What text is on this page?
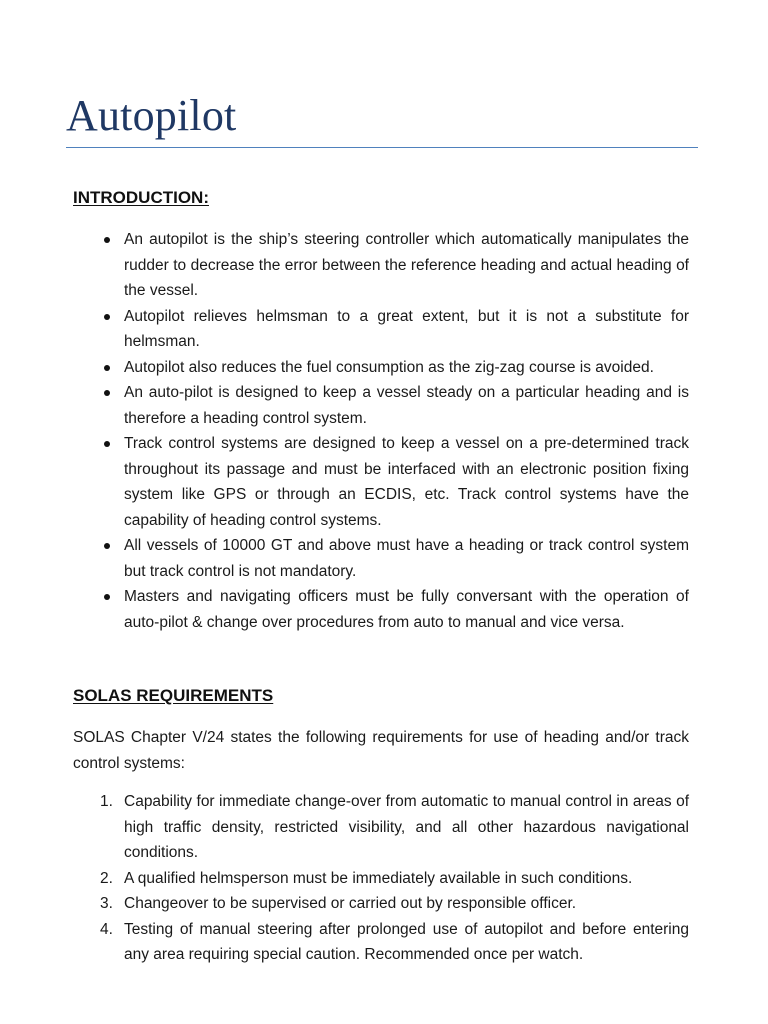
Autopilot
INTRODUCTION:
An autopilot is the ship’s steering controller which automatically manipulates the rudder to decrease the error between the reference heading and actual heading of the vessel.
Autopilot relieves helmsman to a great extent, but it is not a substitute for helmsman.
Autopilot also reduces the fuel consumption as the zig-zag course is avoided.
An auto-pilot is designed to keep a vessel steady on a particular heading and is therefore a heading control system.
Track control systems are designed to keep a vessel on a pre-determined track throughout its passage and must be interfaced with an electronic position fixing system like GPS or through an ECDIS, etc. Track control systems have the capability of heading control systems.
All vessels of 10000 GT and above must have a heading or track control system but track control is not mandatory.
Masters and navigating officers must be fully conversant with the operation of auto-pilot & change over procedures from auto to manual and vice versa.
SOLAS REQUIREMENTS

SOLAS Chapter V/24 states the following requirements for use of heading and/or track control systems:

1. Capability for immediate change-over from automatic to manual control in areas of high traffic density, restricted visibility, and all other hazardous navigational conditions.
2. A qualified helmsperson must be immediately available in such conditions.
3. Changeover to be supervised or carried out by responsible officer.
4. Testing of manual steering after prolonged use of autopilot and before entering any area requiring special caution. Recommended once per watch.
